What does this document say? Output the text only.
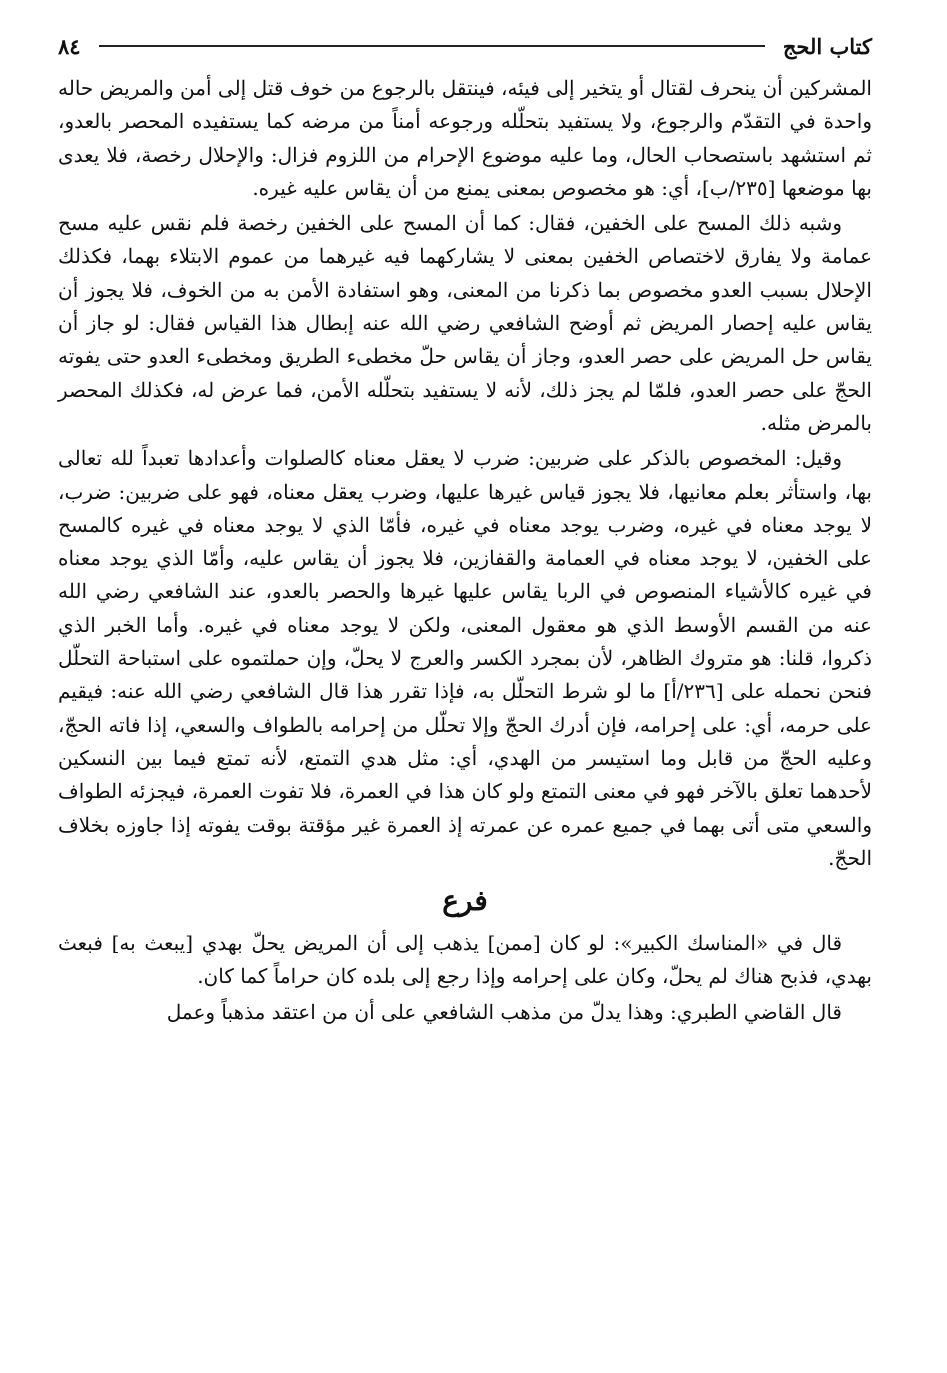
كتاب الحج
٨٤

المشركين أن ينحرف لقتال أو يتخير إلى فيئه، فينتقل بالرجوع من خوف قتل إلى أمن والمريض حاله واحدة في التقدّم والرجوع، ولا يستفيد بتحلّله ورجوعه أمناً من مرضه كما يستفيده المحصر بالعدو، ثم استشهد باستصحاب الحال، وما عليه موضوع الإحرام من اللزوم فزال: والإحلال رخصة، فلا يعدى بها موضعها [٢٣٥/ب]، أي: هو مخصوص بمعنى يمنع من أن يقاس عليه غيره.

وشبه ذلك المسح على الخفين، فقال: كما أن المسح على الخفين رخصة فلم نقس عليه مسح عمامة ولا يفارق لاختصاص الخفين بمعنى لا يشاركهما فيه غيرهما من عموم الابتلاء بهما، فكذلك الإحلال بسبب العدو مخصوص بما ذكرنا من المعنى، وهو استفادة الأمن به من الخوف، فلا يجوز أن يقاس عليه إحصار المريض ثم أوضح الشافعي رضي الله عنه إبطال هذا القياس فقال: لو جاز أن يقاس حل المريض على حصر العدو، وجاز أن يقاس حلّ مخطىء الطريق ومخطىء العدو حتى يفوته الحجّ على حصر العدو، فلمّا لم يجز ذلك، لأنه لا يستفيد بتحلّله الأمن، فما عرض له، فكذلك المحصر بالمرض مثله.

وقيل: المخصوص بالذكر على ضربين: ضرب لا يعقل معناه كالصلوات وأعدادها تعبداً لله تعالى بها، واستأثر بعلم معانيها، فلا يجوز قياس غيرها عليها، وضرب يعقل معناه، فهو على ضربين: ضرب، لا يوجد معناه في غيره، وضرب يوجد معناه في غيره، فأمّا الذي لا يوجد معناه في غيره كالمسح على الخفين، لا يوجد معناه في العمامة والقفازين، فلا يجوز أن يقاس عليه، وأمّا الذي يوجد معناه في غيره كالأشياء المنصوص في الربا يقاس عليها غيرها والحصر بالعدو، عند الشافعي رضي الله عنه من القسم الأوسط الذي هو معقول المعنى، ولكن لا يوجد معناه في غيره. وأما الخبر الذي ذكروا، قلنا: هو متروك الظاهر، لأن بمجرد الكسر والعرج لا يحلّ، وإن حملتموه على استباحة التحلّل فنحن نحمله على [٢٣٦/أ] ما لو شرط التحلّل به، فإذا تقرر هذا قال الشافعي رضي الله عنه: فيقيم على حرمه، أي: على إحرامه، فإن أدرك الحجّ وإلا تحلّل من إحرامه بالطواف والسعي، إذا فاته الحجّ، وعليه الحجّ من قابل وما استيسر من الهدي، أي: مثل هدي التمتع، لأنه تمتع فيما بين النسكين لأحدهما تعلق بالآخر فهو في معنى التمتع ولو كان هذا في العمرة، فلا تفوت العمرة، فيجزئه الطواف والسعي متى أتى بهما في جميع عمره عن عمرته إذ العمرة غير مؤقتة بوقت يفوته إذا جاوزه بخلاف الحجّ.

فرع

قال في «المناسك الكبير»: لو كان [ممن] يذهب إلى أن المريض يحلّ بهدي [يبعث به] فبعث بهدي، فذبح هناك لم يحلّ، وكان على إحرامه وإذا رجع إلى بلده كان حراماً كما كان.

قال القاضي الطبري: وهذا يدلّ من مذهب الشافعي على أن من اعتقد مذهباً وعمل
